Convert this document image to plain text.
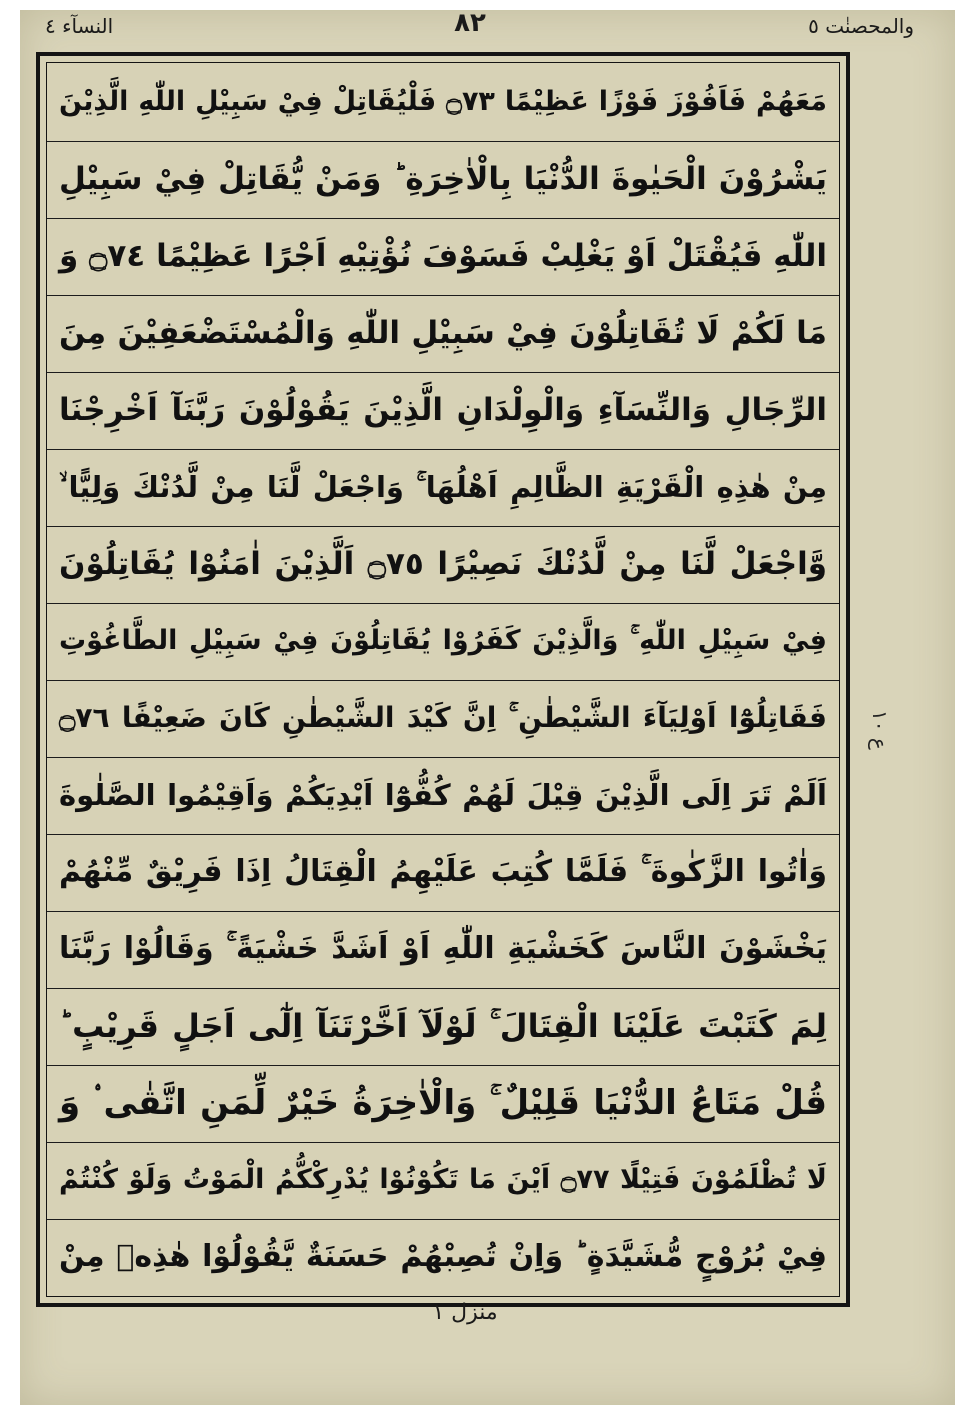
النسآء ٤	٨٢	والمحصنٰت ٥
مَعَهُمْ فَاَفُوْزَ فَوْزًا عَظِيْمًا ۝٧٣ فَلْيُقَاتِلْ فِيْ سَبِيْلِ اللّٰهِ الَّذِيْنَ
يَشْرُوْنَ الْحَيٰوةَ الدُّنْيَا بِالْاٰخِرَةِ ؕ وَمَنْ يُّقَاتِلْ فِيْ سَبِيْلِ
اللّٰهِ فَيُقْتَلْ اَوْ يَغْلِبْ فَسَوْفَ نُؤْتِيْهِ اَجْرًا عَظِيْمًا ۝٧٤ وَ
مَا لَكُمْ لَا تُقَاتِلُوْنَ فِيْ سَبِيْلِ اللّٰهِ وَالْمُسْتَضْعَفِيْنَ مِنَ
الرِّجَالِ وَالنِّسَآءِ وَالْوِلْدَانِ الَّذِيْنَ يَقُوْلُوْنَ رَبَّنَآ اَخْرِجْنَا
مِنْ هٰذِهِ الْقَرْيَةِ الظَّالِمِ اَهْلُهَا ۚ وَاجْعَلْ لَّنَا مِنْ لَّدُنْكَ وَلِيًّا ۙ
وَّاجْعَلْ لَّنَا مِنْ لَّدُنْكَ نَصِيْرًا ۝٧٥ اَلَّذِيْنَ اٰمَنُوْا يُقَاتِلُوْنَ
فِيْ سَبِيْلِ اللّٰهِ ۚ وَالَّذِيْنَ كَفَرُوْا يُقَاتِلُوْنَ فِيْ سَبِيْلِ الطَّاغُوْتِ
فَقَاتِلُوْٓا اَوْلِيَآءَ الشَّيْطٰنِ ۚ اِنَّ كَيْدَ الشَّيْطٰنِ كَانَ ضَعِيْفًا ۝٧٦
اَلَمْ تَرَ اِلَى الَّذِيْنَ قِيْلَ لَهُمْ كُفُّوْٓا اَيْدِيَكُمْ وَاَقِيْمُوا الصَّلٰوةَ
وَاٰتُوا الزَّكٰوةَ ۚ فَلَمَّا كُتِبَ عَلَيْهِمُ الْقِتَالُ اِذَا فَرِيْقٌ مِّنْهُمْ
يَخْشَوْنَ النَّاسَ كَخَشْيَةِ اللّٰهِ اَوْ اَشَدَّ خَشْيَةً ۚ وَقَالُوْا رَبَّنَا
لِمَ كَتَبْتَ عَلَيْنَا الْقِتَالَ ۚ لَوْلَآ اَخَّرْتَنَآ اِلٰٓى اَجَلٍ قَرِيْبٍ ؕ
قُلْ مَتَاعُ الدُّنْيَا قَلِيْلٌ ۚ وَالْاٰخِرَةُ خَيْرٌ لِّمَنِ اتَّقٰى ۟ وَ
لَا تُظْلَمُوْنَ فَتِيْلًا ۝٧٧ اَيْنَ مَا تَكُوْنُوْا يُدْرِكْكُّمُ الْمَوْتُ وَلَوْ كُنْتُمْ
فِيْ بُرُوْجٍ مُّشَيَّدَةٍ ؕ وَاِنْ تُصِبْهُمْ حَسَنَةٌ يَّقُوْلُوْا هٰذِهٖ مِنْ
ع ١٠
منزل ١
